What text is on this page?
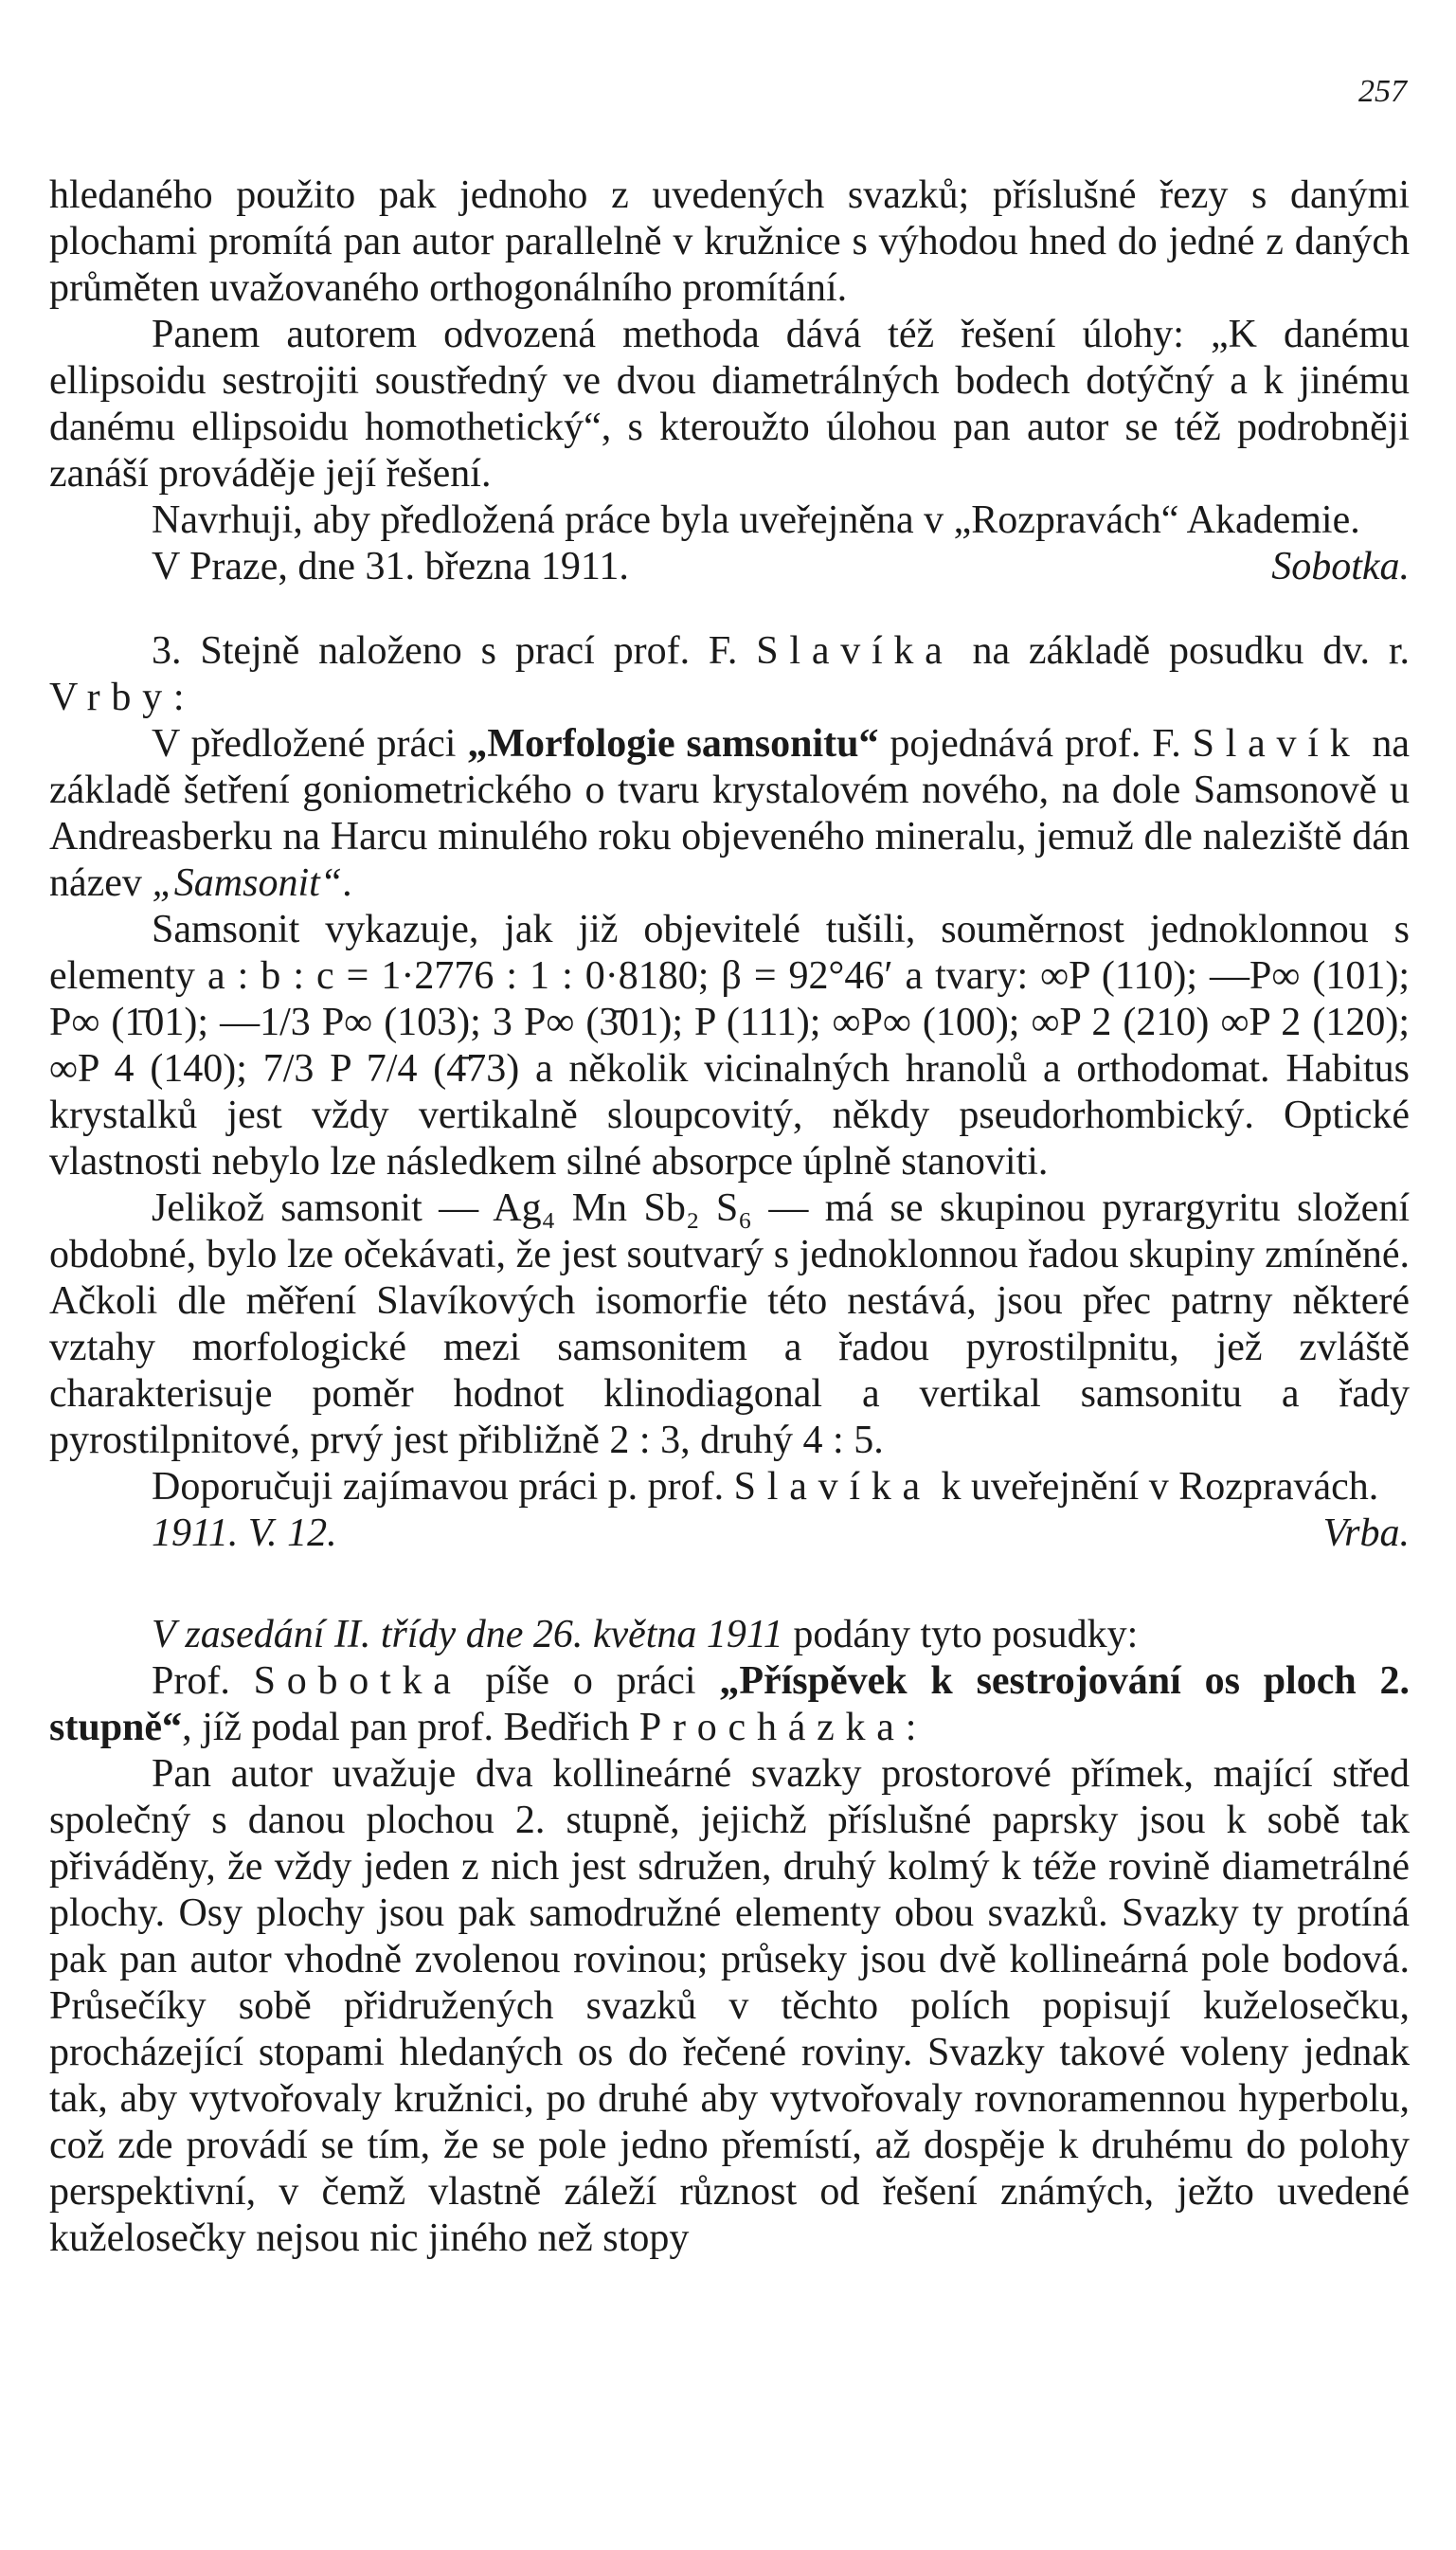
257

hledaného použito pak jednoho z uvedených svazků; příslušné řezy s danými plochami promítá pan autor parallelně v kružnice s výhodou hned do jedné z daných průměten uvažovaného orthogonálního promítání.

Panem autorem odvozená methoda dává též řešení úlohy: „K danému ellipsoidu sestrojiti soustředný ve dvou diametrálných bodech dotýčný a k jinému danému ellipsoidu homothetický“, s kteroužto úlohou pan autor se též podrobněji zanáší prováděje její řešení.

Navrhuji, aby předložená práce byla uveřejněna v „Rozpravách“ Akademie.

V Praze, dne 31. března 1911.	Sobotka.

3. Stejně naloženo s prací prof. F. Slavíka na základě posudku dv. r. Vrby:

V předložené práci „Morfologie samsonitu“ pojednává prof. F. Slavík na základě šetření goniometrického o tvaru krystalovém nového, na dole Samsonově u Andreasberku na Harcu minulého roku objeveného mineralu, jemuž dle naleziště dán název „Samsonit“.

Samsonit vykazuje, jak již objevitelé tušili, souměrnost jednoklonnou s elementy a : b : c = 1·2776 : 1 : 0·8180; β = 92°46′ a tvary: ∞P (110); —P∞ (101); P∞ (1̄01); —1/3 P∞ (103); 3 P∞ (3̄01); P (111); ∞P∞ (100); ∞P 2 (210) ∞P 2 (120); ∞P 4 (140); 7/3 P 7/4 (4̄73) a několik vicinalných hranolů a orthodomat. Habitus krystalků jest vždy vertikalně sloupcovitý, někdy pseudorhombický. Optické vlastnosti nebylo lze následkem silné absorpce úplně stanoviti.

Jelikož samsonit — Ag₄ Mn Sb₂ S₆ — má se skupinou pyrargyritu složení obdobné, bylo lze očekávati, že jest soutvarý s jednoklonnou řadou skupiny zmíněné. Ačkoli dle měření Slavíkových isomorfie této nestává, jsou přec patrny některé vztahy morfologické mezi samsonitem a řadou pyrostilpnitu, jež zvláště charakterisuje poměr hodnot klinodiagonal a vertikal samsonitu a řady pyrostilpnitové, prvý jest přibližně 2 : 3, druhý 4 : 5.

Doporučuji zajímavou práci p. prof. Slavíka k uveřejnění v Rozpravách.

1911. V. 12.	Vrba.

V zasedání II. třídy dne 26. května 1911 podány tyto posudky:

Prof. Sobotka píše o práci „Příspěvek k sestrojování os ploch 2. stupně“, jíž podal pan prof. Bedřich Procházka:

Pan autor uvažuje dva kollineárné svazky prostorové přímek, mající střed společný s danou plochou 2. stupně, jejichž příslušné paprsky jsou k sobě tak přiváděny, že vždy jeden z nich jest sdružen, druhý kolmý k téže rovině diametrálné plochy. Osy plochy jsou pak samodružné elementy obou svazků. Svazky ty protíná pak pan autor vhodně zvolenou rovinou; průseky jsou dvě kollineárná pole bodová. Průsečíky sobě přidružených svazků v těchto polích popisují kuželosečku, procházející stopami hledaných os do řečené roviny. Svazky takové voleny jednak tak, aby vytvořovaly kružnici, po druhé aby vytvořovaly rovnoramennou hyperbolu, což zde provádí se tím, že se pole jedno přemístí, až dospěje k druhému do polohy perspektivní, v čemž vlastně záleží různost od řešení známých, ježto uvedené kuželosečky nejsou nic jiného než stopy
